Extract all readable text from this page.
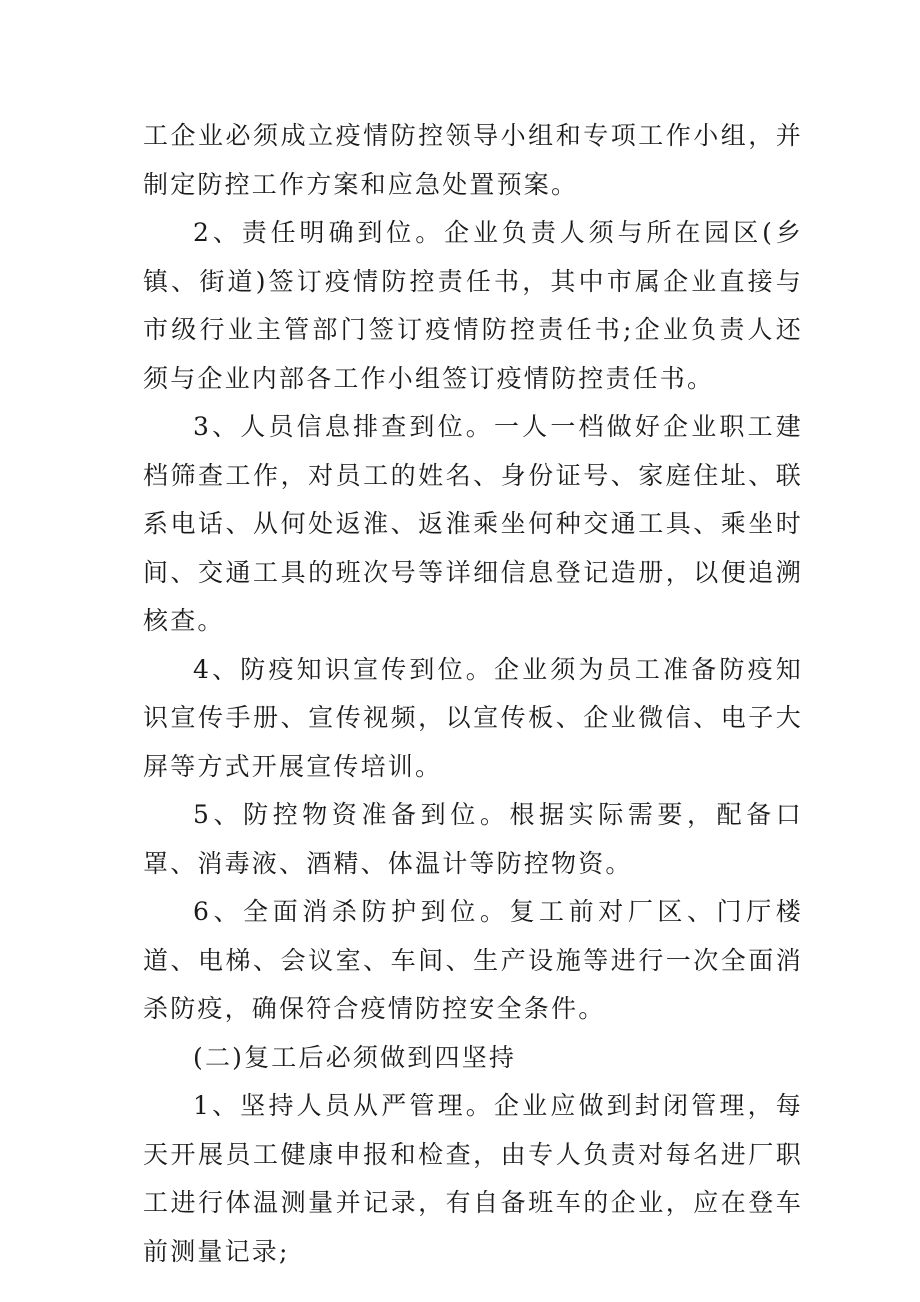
工企业必须成立疫情防控领导小组和专项工作小组，并制定防控工作方案和应急处置预案。

2、责任明确到位。企业负责人须与所在园区(乡镇、街道)签订疫情防控责任书，其中市属企业直接与市级行业主管部门签订疫情防控责任书;企业负责人还须与企业内部各工作小组签订疫情防控责任书。

3、人员信息排查到位。一人一档做好企业职工建档筛查工作，对员工的姓名、身份证号、家庭住址、联系电话、从何处返淮、返淮乘坐何种交通工具、乘坐时间、交通工具的班次号等详细信息登记造册，以便追溯核查。

4、防疫知识宣传到位。企业须为员工准备防疫知识宣传手册、宣传视频，以宣传板、企业微信、电子大屏等方式开展宣传培训。

5、防控物资准备到位。根据实际需要，配备口罩、消毒液、酒精、体温计等防控物资。

6、全面消杀防护到位。复工前对厂区、门厅楼道、电梯、会议室、车间、生产设施等进行一次全面消杀防疫，确保符合疫情防控安全条件。

(二)复工后必须做到四坚持

1、坚持人员从严管理。企业应做到封闭管理，每天开展员工健康申报和检查，由专人负责对每名进厂职工进行体温测量并记录，有自备班车的企业，应在登车前测量记录;
